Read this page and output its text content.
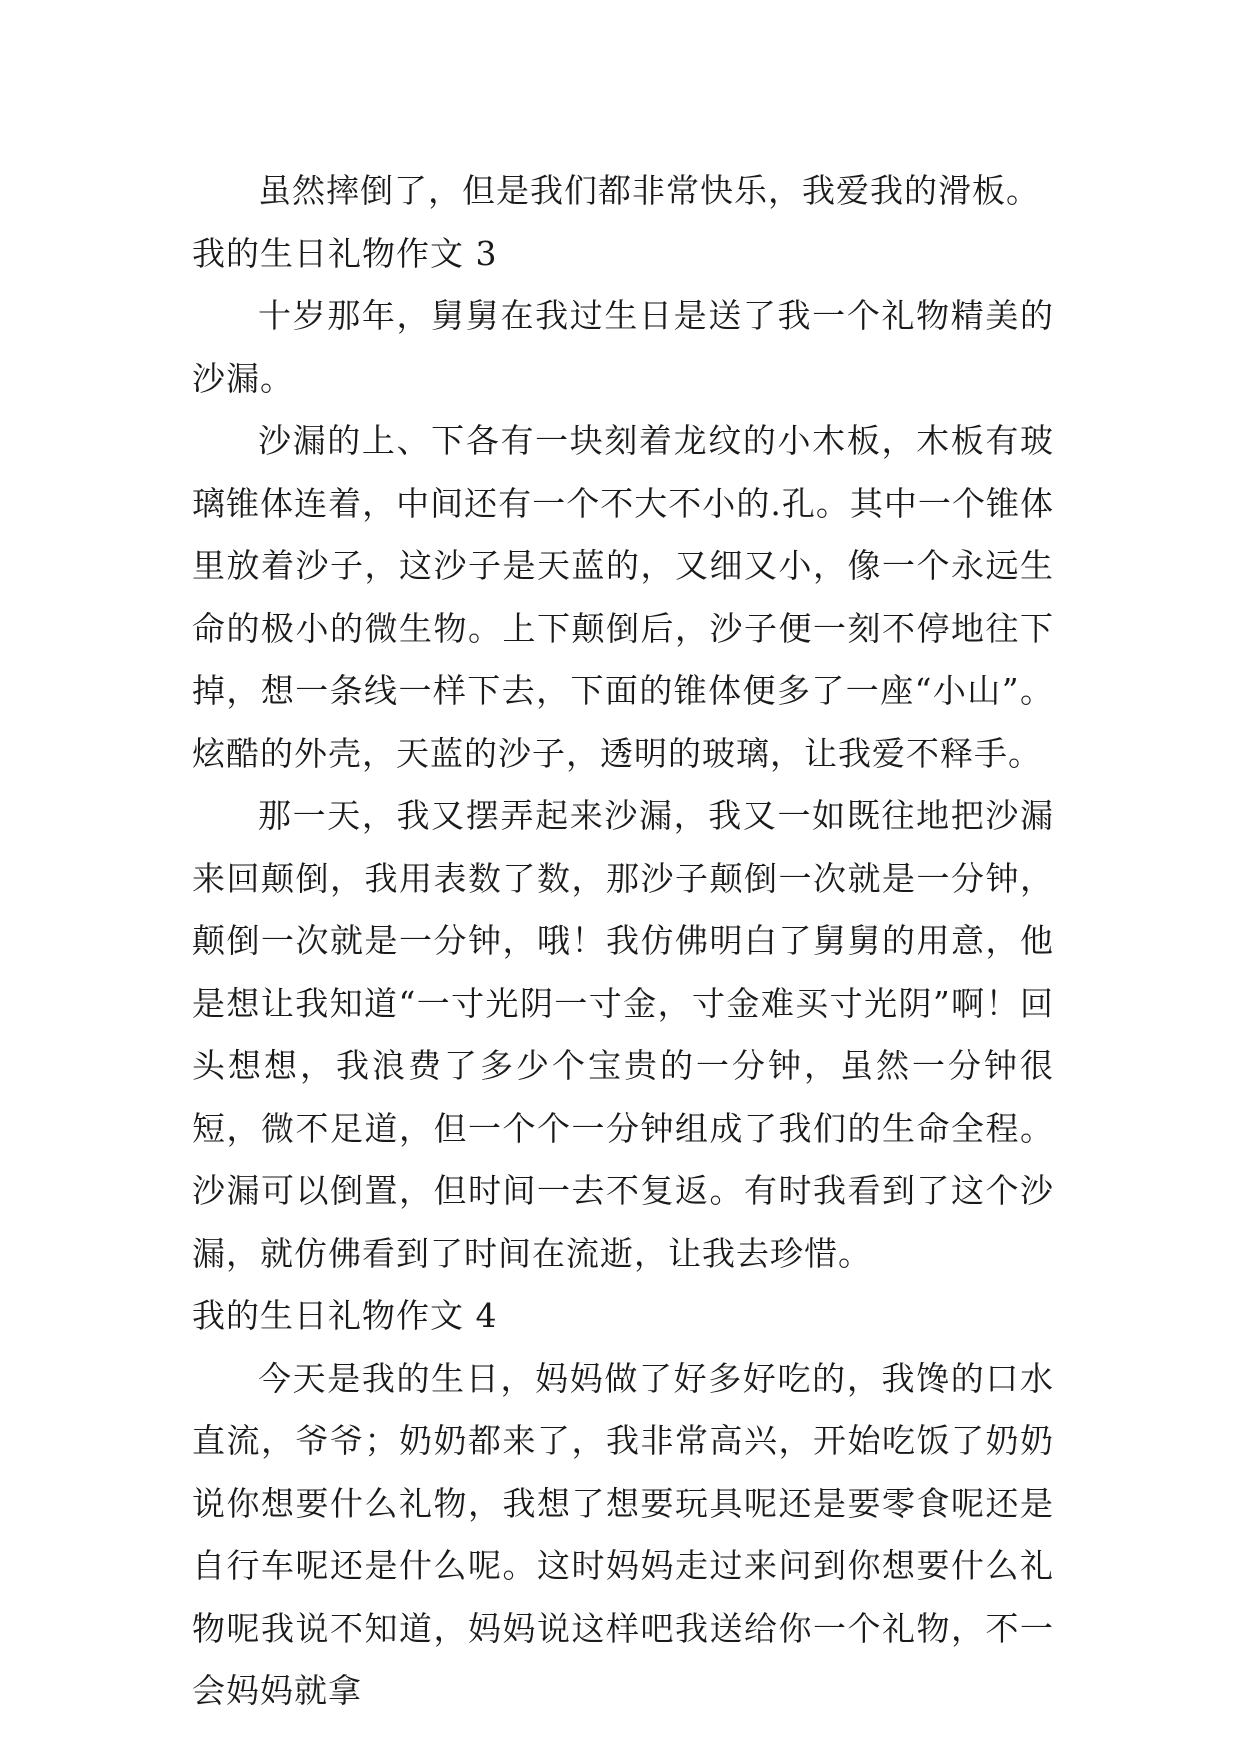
虽然摔倒了，但是我们都非常快乐，我爱我的滑板。

我的生日礼物作文 3

十岁那年，舅舅在我过生日是送了我一个礼物精美的沙漏。

沙漏的上、下各有一块刻着龙纹的小木板，木板有玻璃锥体连着，中间还有一个不大不小的.孔。其中一个锥体里放着沙子，这沙子是天蓝的，又细又小，像一个永远生命的极小的微生物。上下颠倒后，沙子便一刻不停地往下掉，想一条线一样下去，下面的锥体便多了一座“小山”。炫酷的外壳，天蓝的沙子，透明的玻璃，让我爱不释手。

那一天，我又摆弄起来沙漏，我又一如既往地把沙漏来回颠倒，我用表数了数，那沙子颠倒一次就是一分钟，颠倒一次就是一分钟，哦！我仿佛明白了舅舅的用意，他是想让我知道“一寸光阴一寸金，寸金难买寸光阴”啊！回头想想，我浪费了多少个宝贵的一分钟，虽然一分钟很短，微不足道，但一个个一分钟组成了我们的生命全程。沙漏可以倒置，但时间一去不复返。有时我看到了这个沙漏，就仿佛看到了时间在流逝，让我去珍惜。

我的生日礼物作文 4

今天是我的生日，妈妈做了好多好吃的，我馋的口水直流，爷爷；奶奶都来了，我非常高兴，开始吃饭了奶奶说你想要什么礼物，我想了想要玩具呢还是要零食呢还是自行车呢还是什么呢。这时妈妈走过来问到你想要什么礼物呢我说不知道，妈妈说这样吧我送给你一个礼物，不一会妈妈就拿
